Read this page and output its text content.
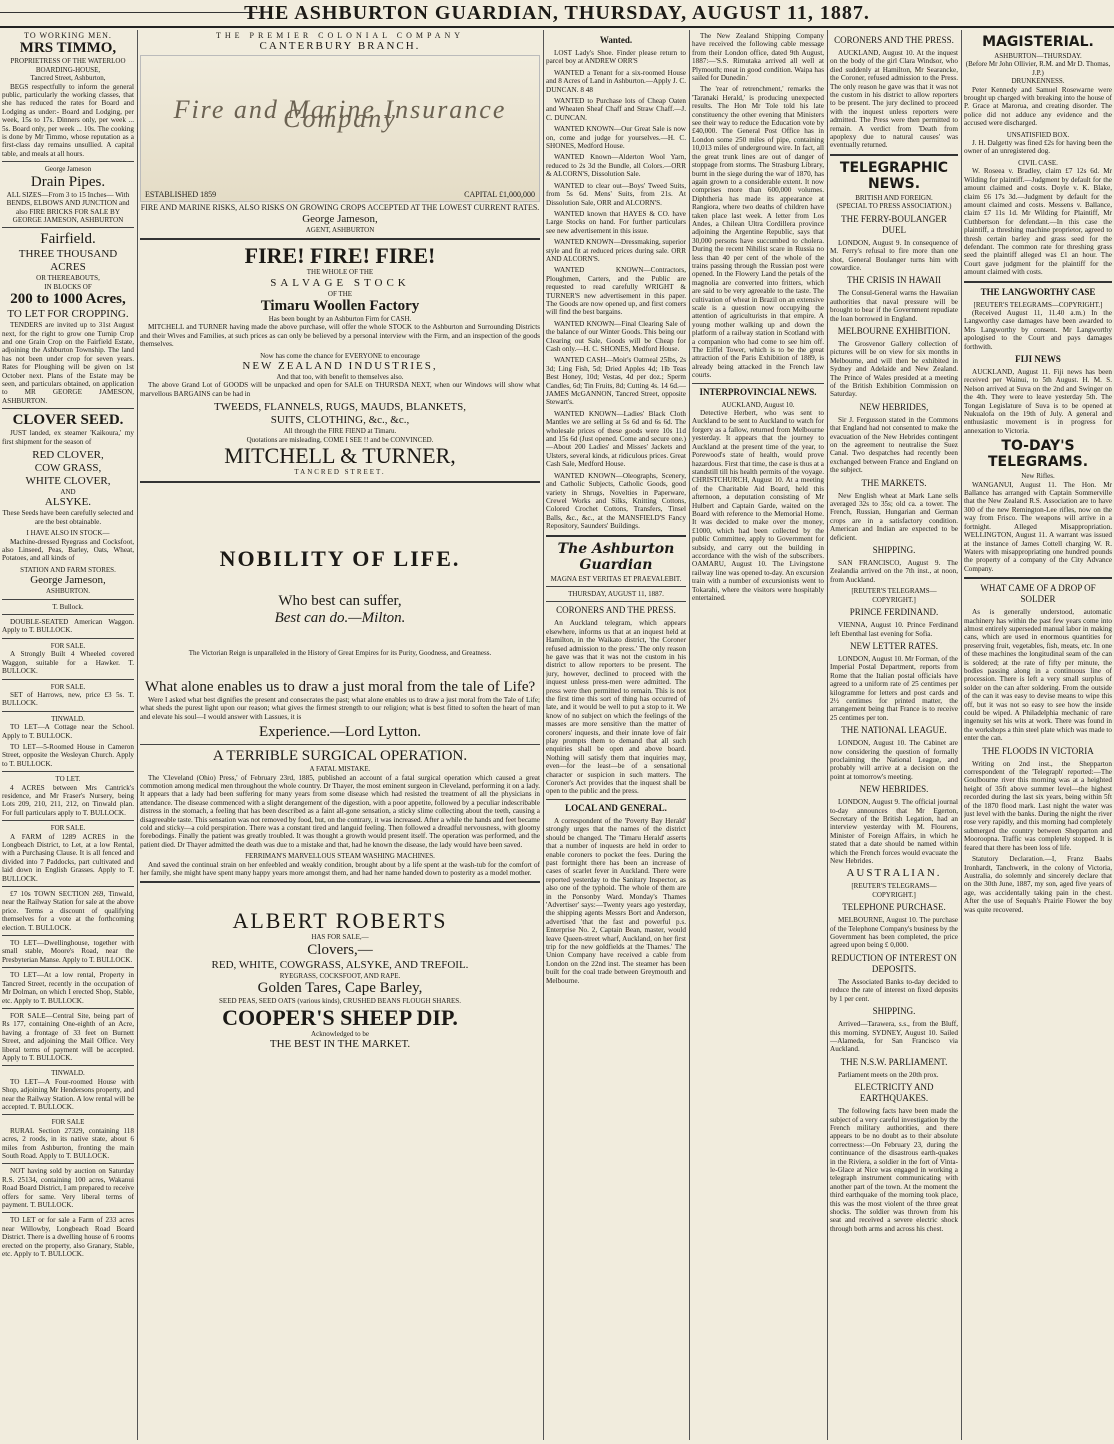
THE ASHBURTON GUARDIAN, THURSDAY, AUGUST 11, 1887.
TO WORKING MEN.
MRS TIMMO,
PROPRIETRESS OF THE WATERLOO BOARDING-HOUSE,
Tancred Street, Ashburton,

BEGS respectfully to inform the general public, particularly the working classes, that she has reduced the rates for Board and Lodging as under:- Board and Lodging, per week, 15s to 17s. Dinners only, per week ... 5s. Board only, per week ... 10s. The cooking is done by Mr Timmo, whose reputation as a first-class day remains unsullied. A capital table, and meals at all hours.

George Jameson
Drain Pipes.

ALL SIZES—From 3 to 15 Inches— With BENDS, ELBOWS AND JUNCTION and also FIRE BRICKS FOR SALE BY GEORGE JAMESON, ASHBURTON

Fairfield.
THREE THOUSAND ACRES
OR THEREABOUTS,
IN BLOCKS OF
200 to 1000 Acres,
TO LET FOR CROPPING.

TENDERS are invited up to 31st August next, for the right to grow one Turnip Crop and one Grain Crop on the Fairfield Estate, adjoining the Ashburton Township. The land has not been under crop for seven years. Rates for Ploughing will be given on 1st October next. Plans of the Estate may be seen, and particulars obtained, on application to MR GEORGE JAMESON, ASHBURTON.

CLOVER SEED.

JUST landed, ex steamer 'Kaikoura,' my first shipment for the season of

RED CLOVER,
COW GRASS,
WHITE CLOVER,
AND
ALSYKE.

These Seeds have been carefully selected and are the best obtainable.

I HAVE ALSO IN STOCK—

Machine-dressed Ryegrass and Cocksfoot, also Linseed, Peas, Barley, Oats, Wheat, Potatoes, and all kinds of

STATION AND FARM STORES.
George Jameson,
ASHBURTON.
T. Bullock.

DOUBLE-SEATED American Waggon. Apply to T. BULLOCK.

FOR SALE.

A Strongly Built 4 Wheeled covered Waggon, suitable for a Hawker. T. BULLOCK.

FOR SALE.

SET of Harrows, new, price £3 5s. T. BULLOCK.

TINWALD.

TO LET—A Cottage near the School. Apply to T. BULLOCK.

TO LET—5-Roomed House in Cameron Street, opposite the Wesleyan Church. Apply to T. BULLOCK.

TO LET.

4 ACRES between Mrs Cantrick's residence, and Mr Fraser's Nursery, being Lots 209, 210, 211, 212, on Tinwald plan. For full particulars apply to T. BULLOCK.

FOR SALE.

A FARM of 1289 ACRES in the Longbeach District, to Let, at a low Rental, with a Purchasing Clause. It is all fenced and divided into 7 Paddocks, part cultivated and laid down in English Grasses. Apply to T. BULLOCK.

£7 10s TOWN SECTION 269, Tinwald, near the Railway Station for sale at the above price. Terms a discount of qualifying themselves for a vote at the forthcoming election. T. BULLOCK.

TO LET—Dwellinghouse, together with small stable, Moore's Road, near the Presbyterian Manse. Apply to T. BULLOCK.

TO LET—At a low rental, Property in Tancred Street, recently in the occupation of Mr Dolman, on which I erected Shop, Stable, etc. Apply to T. BULLOCK.

FOR SALE—Central Site, being part of Rs 177, containing One-eighth of an Acre, having a frontage of 33 feet on Burnett Street, and adjoining the Mail Office. Very liberal terms of payment will be accepted. Apply to T. BULLOCK.

TINWALD.

TO LET—A Four-roomed House with Shop, adjoining Mr Hendersons property, and near the Railway Station. A low rental will be accepted. T. BULLOCK.

FOR SALE

RURAL Section 27329, containing 118 acres, 2 roods, in its native state, about 6 miles from Ashburton, fronting the main South Road. Apply to T. BULLOCK.

NOT having sold by auction on Saturday R.S. 25134, containing 100 acres, Wakanui Road Board District, I am prepared to receive offers for same. Very liberal terms of payment. T. BULLOCK.

TO LET or for sale a Farm of 233 acres near Willowby, Longbeach Road Board District. There is a dwelling house of 6 rooms erected on the property, also Granary, Stable, etc. Apply to T. BULLOCK.

THE PREMIER COLONIAL COMPANY
CANTERBURY BRANCH.
Fire and Marine Insurance Company
ESTABLISHED 1859	CAPITAL £1,000,000
FIRE AND MARINE RISKS, ALSO RISKS ON GROWING CROPS ACCEPTED AT THE LOWEST CURRENT RATES.
George Jameson,
AGENT, ASHBURTON
FIRE! FIRE! FIRE!
THE WHOLE OF THE
SALVAGE STOCK
OF THE
Timaru Woollen Factory
Has been bought by an Ashburton Firm for CASH.

MITCHELL and TURNER having made the above purchase, will offer the whole STOCK to the Ashburton and Surrounding Districts and their Wives and Families, at such prices as can only be believed by a personal interview with the Firm, and an inspection of the goods themselves.

Now has come the chance for EVERYONE to encourage
NEW ZEALAND INDUSTRIES,
And that too, with benefit to themselves also.

The above Grand Lot of GOODS will be unpacked and open for SALE on THURSDA NEXT, when our Windows will show what marvellous BARGAINS can be had in

TWEEDS, FLANNELS, RUGS, MAUDS, BLANKETS,
SUITS, CLOTHING, &c., &c.,
All through the FIRE FIEND at Timaru.
Quotations are misleading, COME I SEE !! and be CONVINCED.
MITCHELL & TURNER,
TANCRED STREET.
NOBILITY OF LIFE.
Who best can suffer,
Best can do.—Milton.
The Victorian Reign is unparalleled in the History of Great Empires for its Purity, Goodness, and Greatness.
What alone enables us to draw a just moral from the tale of Life?

Were I asked what best dignifies the present and consecrates the past; what alone enables us to draw a just moral from the Tale of Life; what sheds the purest light upon our reason; what gives the firmest strength to our religion; what is best fitted to soften the heart of man and elevate his soul—I would answer with Lassues, it is

Experience.—Lord Lytton.
A TERRIBLE SURGICAL OPERATION.
A FATAL MISTAKE.

The 'Cleveland (Ohio) Press,' of February 23rd, 1885, published an account of a fatal surgical operation which caused a great commotion among medical men throughout the whole country. Dr Thayer, the most eminent surgeon in Cleveland, performing it on a lady. It appears that a lady had been suffering for many years from some disease which had resisted the treatment of all the physicians in attendance. The disease commenced with a slight derangement of the digestion, with a poor appetite, followed by a peculiar indescribable distress in the stomach, a feeling that has been described as a faint all-gone sensation, a sticky slime collecting about the teeth, causing a disagreeable taste. This sensation was not removed by food, but, on the contrary, it was increased. After a while the hands and feet became cold and sticky—a cold perspiration. There was a constant tired and languid feeling. Then followed a dreadful nervousness, with gloomy forebodings. Finally the patient was greatly troubled. It was thought a growth would present itself. The operation was performed, and the patient died. Dr Thayer admitted the death was due to a mistake and that, had he known the disease, the lady would have been saved.

FERRIMAN'S MARVELLOUS STEAM WASHING MACHINES.

And saved the continual strain on her enfeebled and weakly condition, brought about by a life spent at the wash-tub for the comfort of her family, she might have spent many happy years more amongst them, and had her name handed down to posterity as a model mother.

ALBERT ROBERTS
HAS FOR SALE,—
Clovers,—
RED, WHITE, COWGRASS, ALSYKE, AND TREFOIL.
RYEGRASS, COCKSFOOT, AND RAPE.
Golden Tares, Cape Barley,
SEED PEAS, SEED OATS (various kinds), CRUSHED BEANS FLOUGH SHARES.
COOPER'S SHEEP DIP.
Acknowledged to be
THE BEST IN THE MARKET.
Wanted.

LOST Lady's Shoe. Finder please return to parcel boy at ANDREW ORR'S

WANTED a Tenant for a six-roomed House and 8 Acres of Land in Ashburton.—Apply J. C. DUNCAN. 8 48

WANTED to Purchase lots of Cheap Oaten and Wheaten Sheaf Chaff and Straw Chaff.—J. C. DUNCAN.

WANTED KNOWN—Our Great Sale is now on, come and judge for yourselves.—H. C. SHONES, Medford House.

WANTED Known—Alderton Wool Yarn, reduced to 2s 3d the Bundle, all Colors.—ORR & ALCORN'S, Dissolution Sale.

WANTED to clear out—Boys' Tweed Suits, from 5s 6d. Mens' Suits, from 21s. At Dissolution Sale, ORR and ALCORN'S.

WANTED known that HAYES & CO. have Large Stocks on hand. For further particulars see new advertisement in this issue.

WANTED KNOWN—Dressmaking, superior style and fit at reduced prices during sale. ORR AND ALCORN'S.

WANTED KNOWN—Contractors, Ploughmen, Carters, and the Public are requested to read carefully WRIGHT & TURNER'S new advertisement in this paper. The Goods are now opened up, and first comers will find the best bargains.

WANTED KNOWN—Final Clearing Sale of the balance of our Winter Goods. This being our Clearing out Sale, Goods will be Cheap for Cash only.—H. C. SHONES, Medford House.

WANTED CASH—Moir's Oatmeal 25lbs, 2s 3d; Ling Fish, 5d; Dried Apples 4d; 1lb Teas Best Honey, 10d; Vestas, 4d per doz.; Sperm Candles, 6d; Tin Fruits, 8d; Cutting 4s. 14 6d.—JAMES McGANNON, Tancred Street, opposite Stewart's.

WANTED KNOWN—Ladies' Black Cloth Mantles we are selling at 5s 6d and 6s 6d. The wholesale prices of these goods were 10s 11d and 15s 6d (Just opened. Come and secure one.)—About 200 Ladies' and Misses' Jackets and Ulsters, several kinds, at ridiculous prices. Great Cash Sale, Medford House.

WANTED KNOWN—Oleographs, Scenery, and Catholic Subjects, Catholic Goods, good variety in Shrugs, Novelties in Paperware, Crewel Works and Silks, Knitting Cottons, Colored Crochet Cottons, Transfers, Tinsel Balls, &c., &c., at the MANSFIELD'S Fancy Repository, Saunders' Buildings.

The Ashburton Guardian
MAGNA EST VERITAS ET PRAEVALEBIT.
THURSDAY, AUGUST 11, 1887.
CORONERS AND THE PRESS.

An Auckland telegram, which appears elsewhere, informs us that at an inquest held at Hamilton, in the Waikato district, 'the Coroner refused admission to the press.' The only reason he gave was that it was not the custom in his district to allow reporters to be present. The jury, however, declined to proceed with the inquest unless press-men were admitted. The press were then permitted to remain. This is not the first time this sort of thing has occurred of late, and it would be well to put a stop to it. We know of no subject on which the feelings of the masses are more sensitive than the matter of coroners' inquests, and their innate love of fair play prompts them to demand that all such enquiries shall be open and above board. Nothing will satisfy them that inquiries may, even—for the least—be of a sensational character or suspicion in such matters. The Coroner's Act provides that the inquest shall be open to the public and the press.

LOCAL AND GENERAL.

A correspondent of the 'Poverty Bay Herald' strongly urges that the names of the district should be changed. The 'Timaru Herald' asserts that a number of inquests are held in order to enable coroners to pocket the fees. During the past fortnight there has been an increase of cases of scarlet fever in Auckland. There were reported yesterday to the Sanitary Inspector, as also one of the typhoid. The whole of them are in the Ponsonby Ward. Monday's Thames 'Advertiser' says:—Twenty years ago yesterday, the shipping agents Messrs Bort and Anderson, advertised 'that the fast and powerful p.s. Enterprise No. 2, Captain Bean, master, would leave Queen-street wharf, Auckland, on her first trip for the new goldfields at the Thames.' The Union Company have received a cable from London on the 22nd inst. The steamer has been built for the coal trade between Greymouth and Melbourne.

The New Zealand Shipping Company have received the following cable message from their London office, dated 9th August, 1887:—'S.S. Rimutaka arrived all well at Plymouth; meat in good condition. Waipa has sailed for Dunedin.'

The 'rear of retrenchment,' remarks the 'Taranaki Herald,' is producing unexpected results. The Hon Mr Tole told his late constituency the other evening that Ministers see their way to reduce the Education vote by £40,000. The General Post Office has in London some 250 miles of pipe, containing 10,013 miles of underground wire. In fact, all the great trunk lines are out of danger of stoppage from storms. The Strasburg Library, burnt in the siege during the war of 1870, has again grown to a considerable extent. It now comprises more than 600,000 volumes. Diphtheria has made its appearance at Rangiora, where two deaths of children have taken place last week. A letter from Los Andes, a Chilean Ultra Cordillera province adjoining the Argentine Republic, says that 30,000 persons have succumbed to cholera. During the recent Nihilist scare in Russia no less than 40 per cent of the whole of the trains passing through the Russian post were opened. In the Flowery Land the petals of the magnolia are converted into fritters, which are said to be very agreeable to the taste. The cultivation of wheat in Brazil on an extensive scale is a question now occupying the attention of agriculturists in that empire. A young mother walking up and down the platform of a railway station in Scotland with a companion who had come to see him off. The Eiffel Tower, which is to be the great attraction of the Paris Exhibition of 1889, is already being attacked in the French law courts.

INTERPROVINCIAL NEWS.
AUCKLAND, August 10.

Detective Herbert, who was sent to Auckland to be sent to Auckland to watch for forgery as a fallow, returned from Melbourne yesterday. It appears that the journey to Auckland at the present time of the year, to Porewood's state of health, would prove hazardous. First that time, the case is thus at a standstill till his health permits of the voyage. CHRISTCHURCH, August 10. At a meeting of the Charitable Aid Board, held this afternoon, a deputation consisting of Mr Hulbert and Captain Garde, waited on the Board with reference to the Memorial Home. It was decided to make over the money, £1000, which had been collected by the public Committee, apply to Government for subsidy, and carry out the building in accordance with the wish of the subscribers. OAMARU, August 10. The Livingstone railway line was opened to-day. An excursion train with a number of excursionists went to Tokarahi, where the visitors were hospitably entertained.

CORONERS AND THE PRESS.

AUCKLAND, August 10. At the inquest on the body of the girl Clara Windsor, who died suddenly at Hamilton, Mr Searancke, the Coroner, refused admission to the Press. The only reason he gave was that it was not the custom in his district to allow reporters to be present. The jury declined to proceed with the inquest unless reporters were admitted. The Press were then permitted to remain. A verdict from 'Death from apoplexy due to natural causes' was eventually returned.

TELEGRAPHIC NEWS.
BRITISH AND FOREIGN.
(SPECIAL TO PRESS ASSOCIATION.)
THE FERRY-BOULANGER DUEL

LONDON, August 9. In consequence of M. Ferry's refusal to fire more than one shot, General Boulanger turns him with cowardice.

THE CRISIS IN HAWAII

The Consul-General warns the Hawaiian authorities that naval pressure will be brought to bear if the Government repudiate the loan borrowed in England.

MELBOURNE EXHIBITION.

The Grosvenor Gallery collection of pictures will be on view for six months in Melbourne, and will then be exhibited in Sydney and Adelaide and New Zealand. The Prince of Wales presided at a meeting of the British Exhibition Commission on Saturday.

NEW HEBRIDES,

Sir J. Fergusson stated in the Commons that England had not consented to make the evacuation of the New Hebrides contingent on the agreement to neutralise the Suez Canal. Two despatches had recently been exchanged between France and England on the subject.

THE MARKETS.

New English wheat at Mark Lane sells averaged 32s to 35s; old ca. a tower. The French, Russian, Hungarian and German crops are in a satisfactory condition. American and Indian are expected to be deficient.

SHIPPING.

SAN FRANCISCO, August 9. The Zealandia arrived on the 7th inst., at noon, from Auckland.

[REUTER'S TELEGRAMS—COPYRIGHT.]
PRINCE FERDINAND.

VIENNA, August 10. Prince Ferdinand left Ebenthal last evening for Sofia.

NEW LETTER RATES.

LONDON, August 10. Mr Forman, of the Imperial Postal Department, reports from Rome that the Italian postal officials have agreed to a uniform rate of 25 centimes per kilogramme for letters and post cards and 2½ centimes for printed matter, the arrangement being that France is to receive 25 centimes per ton.

THE NATIONAL LEAGUE.

LONDON, August 10. The Cabinet are now considering the question of formally proclaiming the National League, and probably will arrive at a decision on the point at tomorrow's meeting.

NEW HEBRIDES.

LONDON, August 9. The official journal to-day announces that Mr Egerton, Secretary of the British Legation, had an interview yesterday with M. Flourens, Minister of Foreign Affairs, in which he stated that a date should be named within which the French forces would evacuate the New Hebrides.

AUSTRALIAN.
[REUTER'S TELEGRAMS—COPYRIGHT.]
TELEPHONE PURCHASE.

MELBOURNE, August 10. The purchase of the Telephone Company's business by the Government has been completed, the price agreed upon being £ 0,000.

REDUCTION OF INTEREST ON DEPOSITS.

The Associated Banks to-day decided to reduce the rate of interest on fixed deposits by 1 per cent.

SHIPPING.

Arrived—Tarawera, s.s., from the Bluff, this morning. SYDNEY, August 10. Sailed—Alameda, for San Francisco via Auckland.

THE N.S.W. PARLIAMENT.

Parliament meets on the 20th prox.

ELECTRICITY AND EARTHQUAKES.

The following facts have been made the subject of a very careful investigation by the French military authorities, and there appears to be no doubt as to their absolute correctness:—On February 23, during the continuance of the disastrous earth-quakes in the Riviera, a soldier in the fort of Vinta-le-Glace at Nice was engaged in working a telegraph instrument communicating with another part of the town. At the moment the third earthquake of the morning took place, this was the most violent of the three great shocks. The soldier was thrown from his seat and received a severe electric shock through both arms and across his chest.

MAGISTERIAL.
ASHBURTON—THURSDAY.
(Before Mr John Ollivier, R.M. and Mr D. Thomas, J.P.)
DRUNKENNESS.

Peter Kennedy and Samuel Rosewarne were brought up charged with breaking into the house of P. Grace at Marorua, and creating disorder. The police did not adduce any evidence and the accused were discharged.

UNSATISFIED BOX.

J. H. Dalgetty was fined £2s for having been the owner of an unregistered dog.

CIVIL CASE.

W. Roseea v. Bradley, claim £7 12s 6d. Mr Wilding for plaintiff.—Judgment by default for the amount claimed and costs. Doyle v. K. Blake, claim £6 17s 3d.—Judgment by default for the amount claimed and costs. Messens v. Ballance, claim £7 11s 1d. Mr Wilding for Plaintiff, Mr Cuthbertson for defendant.—In this case the plaintiff, a threshing machine proprietor, agreed to thresh certain barley and grass seed for the defendant. The common rate for threshing grass seed the plaintiff alleged was £1 an hour. The Court gave judgment for the plaintiff for the amount claimed with costs.

THE LANGWORTHY CASE
[REUTER'S TELEGRAMS—COPYRIGHT.]

(Received August 11, 11.40 a.m.) In the Langworthy case damages have been awarded to Mrs Langworthy by consent. Mr Langworthy apologised to the Court and pays damages forthwith.

FIJI NEWS

AUCKLAND, August 11. Fiji news has been received per Wainui, to 5th August. H. M. S. Nelson arrived at Suva on the 2nd and Swinger on the 4th. They were to leave yesterday 5th. The Tongan Legislature of Suva is to be opened at Nukualofa on the 19th of July. A general and enthusiastic movement is in progress for annexation to Victoria.

TO-DAY'S TELEGRAMS.
New Rifles.

WANGANUI, August 11. The Hon. Mr Ballance has arranged with Captain Sommerville that the New Zealand R.S. Association are to have 300 of the new Remington-Lee rifles, now on the way from Frisco. The weapons will arrive in a fortnight. Alleged Misappropriation. WELLINGTON, August 11. A warrant was issued at the instance of James Cottell charging W. R. Waters with misappropriating one hundred pounds the property of a company of the City Advance Company.

WHAT CAME OF A DROP OF SOLDER

As is generally understood, automatic machinery has within the past few years come into almost entirely superseded manual labor in making cans, which are used in enormous quantities for preserving fruit, vegetables, fish, meats, etc. In one of these machines the longitudinal seam of the can is soldered; at the rate of fifty per minute, the bodies passing along in a continuous line of procession. There is left a very small surplus of solder on the can after soldering. From the outside of the can it was easy to devise means to wipe this off, but it was not so easy to see how the inside could be wiped. A Philadelphia mechanic of rare ingenuity set his wits at work. There was found in the workshops a thin steel plate which was made to enter the can.

THE FLOODS IN VICTORIA

Writing on 2nd inst., the Shepparton correspondent of the 'Telegraph' reported:—The Goulbourne river this morning was at a heighted height of 35ft above summer level—the highest recorded during the last six years, being within 5ft of the 1870 flood mark. Last night the water was just level with the banks. During the night the river rose very rapidly, and this morning had completely submerged the country between Shepparton and Mooroopna. Traffic was completely stopped. It is feared that there has been loss of life.

Statutory Declaration.—I, Franz Baabs Ironhardt, Tanchwerk, in the colony of Victoria, Australia, do solemnly and sincerely declare that on the 30th June, 1887, my son, aged five years of age, was accidentally taking pain in the chest. After the use of Sequah's Prairie Flower the boy was quite recovered.
